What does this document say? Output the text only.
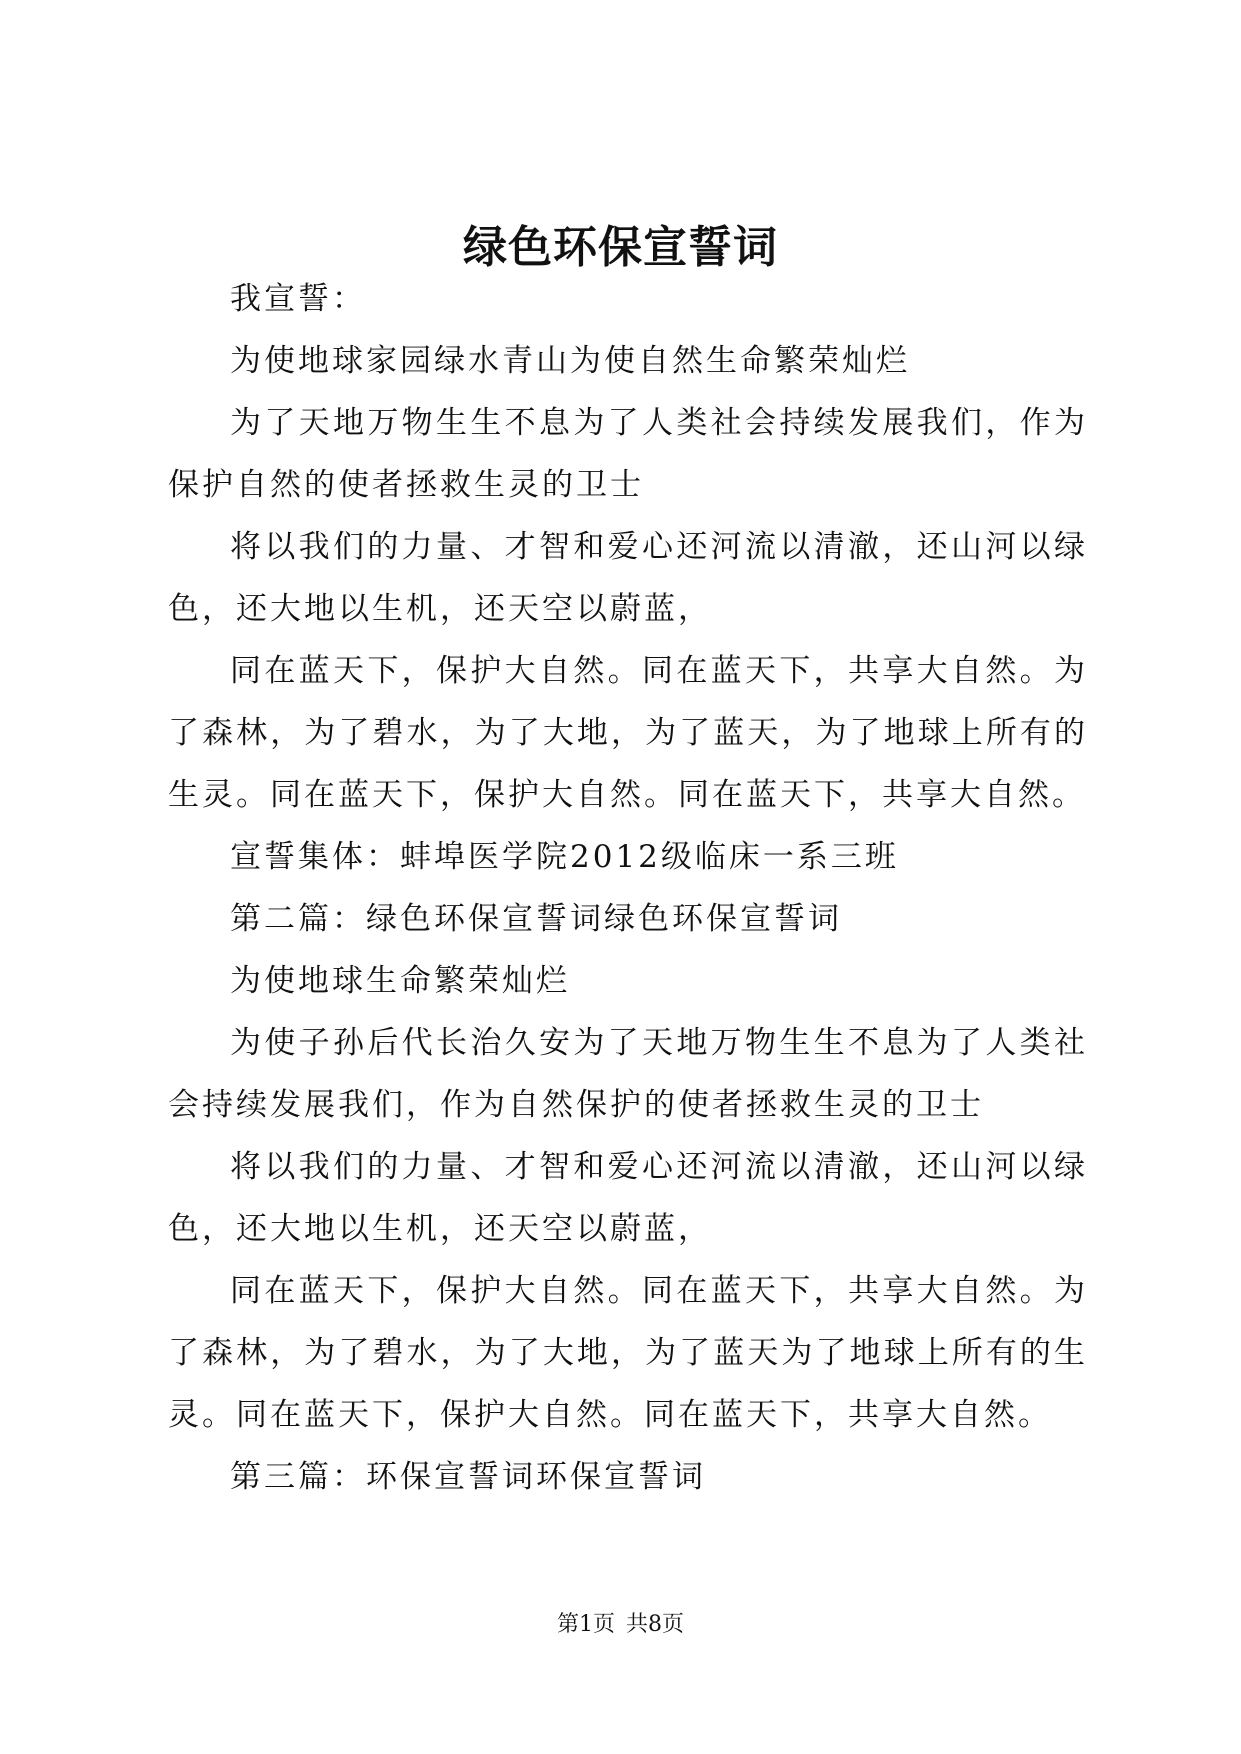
绿色环保宣誓词

我宣誓：

为使地球家园绿水青山为使自然生命繁荣灿烂

为了天地万物生生不息为了人类社会持续发展我们，作为保护自然的使者拯救生灵的卫士

将以我们的力量、才智和爱心还河流以清澈，还山河以绿色，还大地以生机，还天空以蔚蓝，

同在蓝天下，保护大自然。同在蓝天下，共享大自然。为了森林，为了碧水，为了大地，为了蓝天，为了地球上所有的生灵。同在蓝天下，保护大自然。同在蓝天下，共享大自然。

宣誓集体：蚌埠医学院2012级临床一系三班

第二篇：绿色环保宣誓词绿色环保宣誓词

为使地球生命繁荣灿烂

为使子孙后代长治久安为了天地万物生生不息为了人类社会持续发展我们，作为自然保护的使者拯救生灵的卫士

将以我们的力量、才智和爱心还河流以清澈，还山河以绿色，还大地以生机，还天空以蔚蓝，

同在蓝天下，保护大自然。同在蓝天下，共享大自然。为了森林，为了碧水，为了大地，为了蓝天为了地球上所有的生灵。同在蓝天下，保护大自然。同在蓝天下，共享大自然。

第三篇：环保宣誓词环保宣誓词

第1页 共8页
